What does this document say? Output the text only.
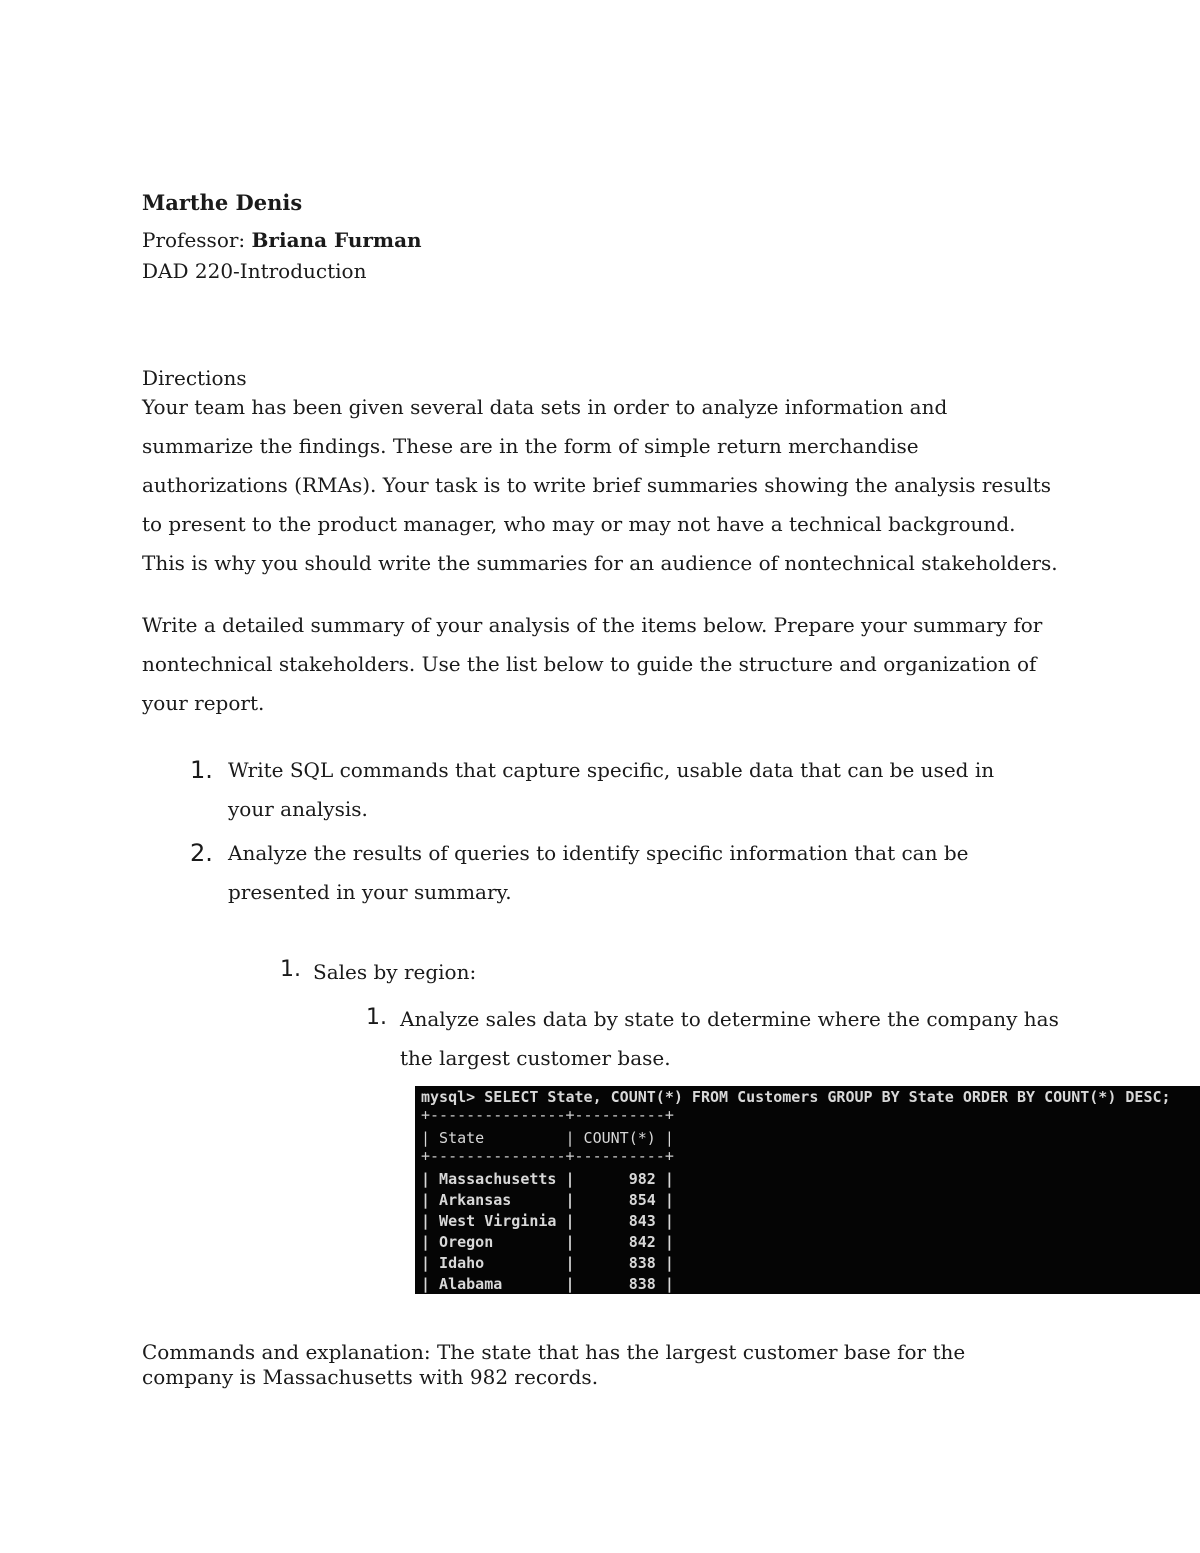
Marthe Denis
Professor: Briana Furman
DAD 220-Introduction
Directions
Your team has been given several data sets in order to analyze information and summarize the findings. These are in the form of simple return merchandise authorizations (RMAs). Your task is to write brief summaries showing the analysis results to present to the product manager, who may or may not have a technical background. This is why you should write the summaries for an audience of nontechnical stakeholders.
Write a detailed summary of your analysis of the items below. Prepare your summary for nontechnical stakeholders. Use the list below to guide the structure and organization of your report.
1. Write SQL commands that capture specific, usable data that can be used in your analysis.
2. Analyze the results of queries to identify specific information that can be presented in your summary.
1. Sales by region:
1. Analyze sales data by state to determine where the company has the largest customer base.
mysql> SELECT State, COUNT(*) FROM Customers GROUP BY State ORDER BY COUNT(*) DESC;
+---------------+----------+
| State         | COUNT(*) |
+---------------+----------+
| Massachusetts |      982 |
| Arkansas      |      854 |
| West Virginia |      843 |
| Oregon        |      842 |
| Idaho         |      838 |
| Alabama       |      838 |
Commands and explanation: The state that has the largest customer base for the company is Massachusetts with 982 records.
